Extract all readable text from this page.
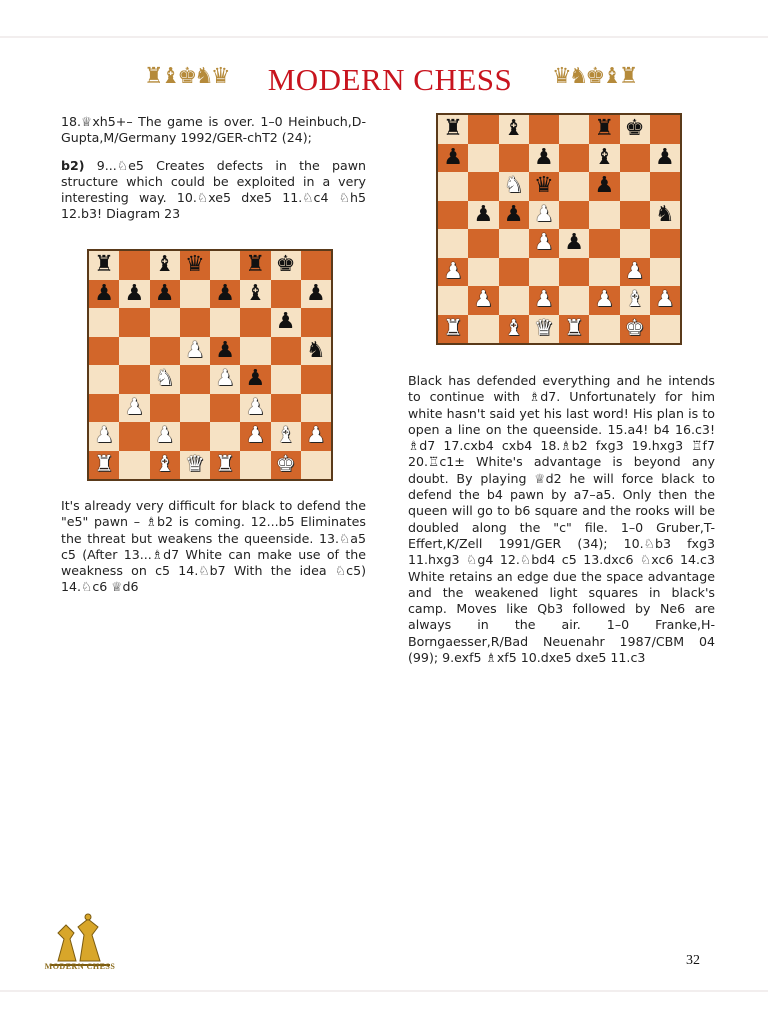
♜♝♚♞♛	MODERN CHESS	♛♞♚♝♜

18.♕xh5+– The game is over. 1–0 Heinbuch,D-Gupta,M/Germany 1992/GER-chT2 (24);

b2) 9...♘e5 Creates defects in the pawn structure which could be exploited in a very interesting way. 10.♘xe5 dxe5 11.♘c4 ♘h5 12.b3! Diagram 23

♜ ♝ ♛ ♜ ♚
♟ ♟ ♟ ♟ ♝ ♟
♟
♟ ♟	♞
♞ ♟ ♟
♟	♟
♟ ♟	♟ ♝ ♟
♜ ♝ ♛ ♜ ♚

It's already very difficult for black to defend the "e5" pawn – ♗b2 is coming. 12...b5 Eliminates the threat but weakens the queenside. 13.♘a5 c5 (After 13...♗d7 White can make use of the weakness on c5 14.♘b7 With the idea ♘c5) 14.♘c6 ♕d6

♜ ♝	♜ ♚
♟	♟ ♝ ♟
♞ ♛ ♟
♟ ♟ ♟	♞
♟ ♟
♟	♟
♟ ♟ ♟ ♝ ♟
♜ ♝ ♛ ♜ ♚

Black has defended everything and he intends to continue with ♗d7. Unfortunately for him white hasn't said yet his last word! His plan is to open a line on the queenside. 15.a4! b4 16.c3! ♗d7 17.cxb4 cxb4 18.♗b2 fxg3 19.hxg3 ♖f7 20.♖c1± White's advantage is beyond any doubt. By playing ♕d2 he will force black to defend the b4 pawn by a7–a5. Only then the queen will go to b6 square and the rooks will be doubled along the "c" file. 1–0 Gruber,T-Effert,K/Zell 1991/GER (34); 10.♘b3 fxg3 11.hxg3 ♘g4 12.♘bd4 c5 13.dxc6 ♘xc6 14.c3 White retains an edge due the space advantage and the weakened light squares in black's camp. Moves like Qb3 followed by Ne6 are always in the air. 1–0 Franke,H-Borngaesser,R/Bad Neuenahr 1987/CBM 04 (99); 9.exf5 ♗xf5 10.dxe5 dxe5 11.c3

MODERN CHESS	32
